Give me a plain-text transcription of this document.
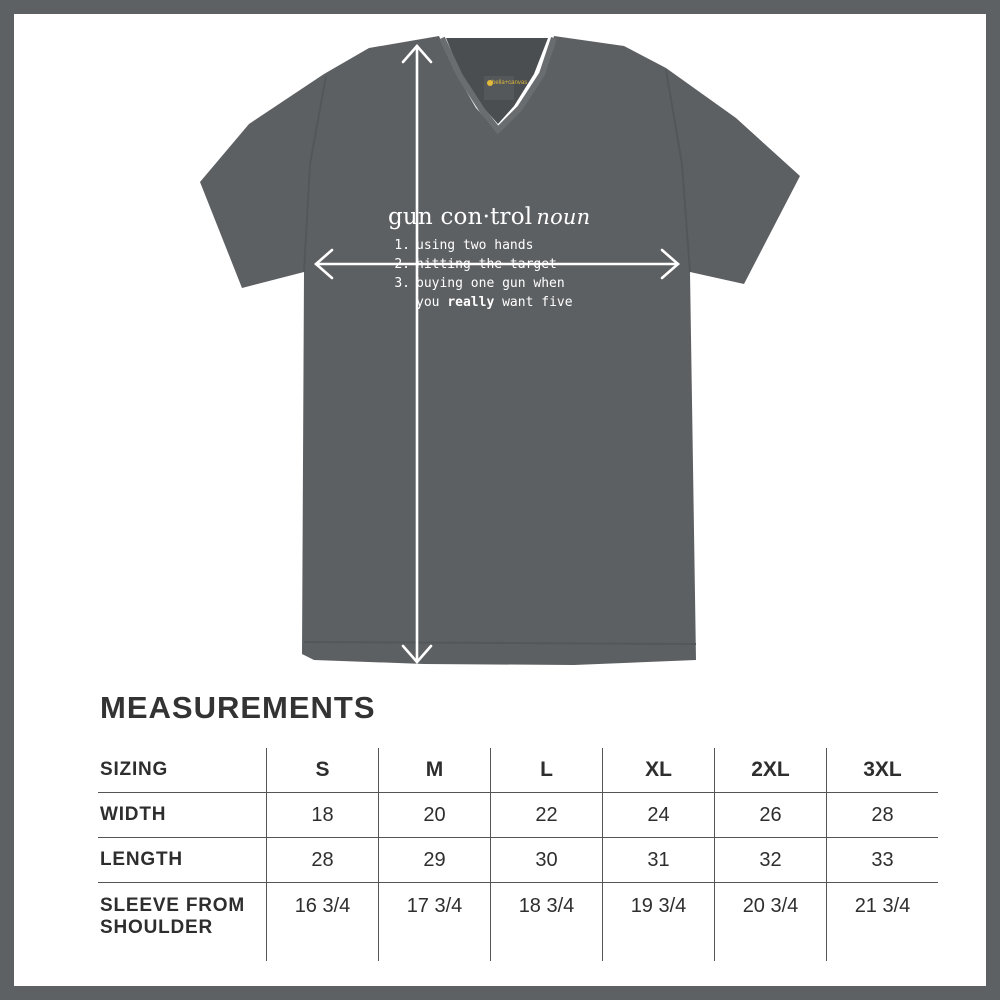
gun con·trol noun
1. using two hands
2. hitting the target
3. buying one gun when
you really want five
bella+canvas
MEASUREMENTS
SIZING	S	M	L	XL	2XL	3XL
WIDTH	18	20	22	24	26	28
LENGTH	28	29	30	31	32	33
SLEEVE FROM
SHOULDER	16 3/4	17 3/4	18 3/4	19 3/4	20 3/4	21 3/4
